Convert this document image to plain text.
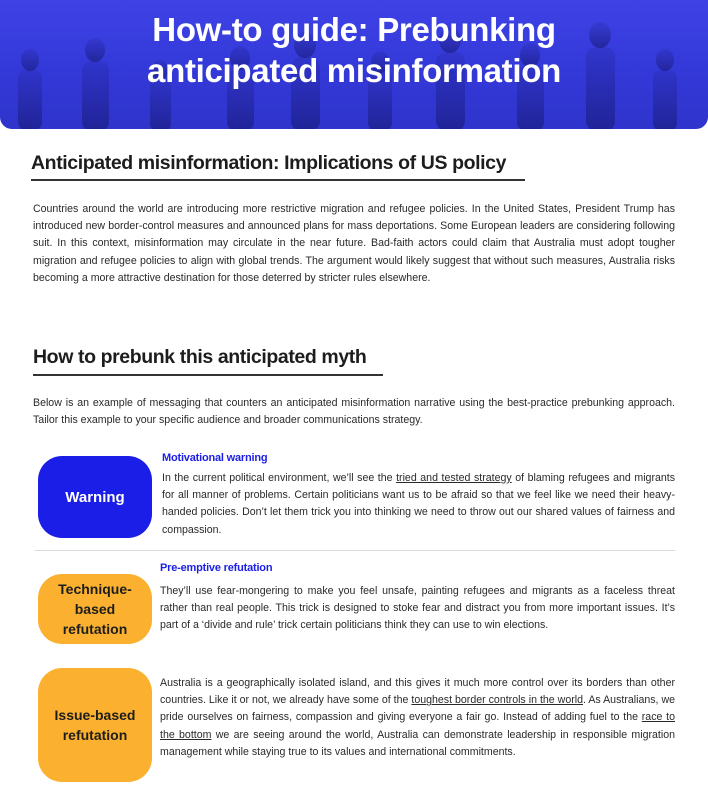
How-to guide: Prebunking
anticipated misinformation
Anticipated misinformation: Implications of US policy
Countries around the world are introducing more restrictive migration and refugee policies. In the United States, President Trump has introduced new border-control measures and announced plans for mass deportations. Some European leaders are considering following suit. In this context, misinformation may circulate in the near future. Bad-faith actors could claim that Australia must adopt tougher migration and refugee policies to align with global trends. The argument would likely suggest that without such measures, Australia risks becoming a more attractive destination for those deterred by stricter rules elsewhere.
How to prebunk this anticipated myth
Below is an example of messaging that counters an anticipated misinformation narrative using the best-practice prebunking approach. Tailor this example to your specific audience and broader communications strategy.
Warning
Motivational warning
In the current political environment, we’ll see the tried and tested strategy of blaming refugees and migrants for all manner of problems. Certain politicians want us to be afraid so that we feel like we need their heavy-handed policies. Don’t let them trick you into thinking we need to throw out our shared values of fairness and compassion.
Technique-
based
refutation
Pre-emptive refutation
They’ll use fear-mongering to make you feel unsafe, painting refugees and migrants as a faceless threat rather than real people. This trick is designed to stoke fear and distract you from more important issues. It’s part of a ‘divide and rule’ trick certain politicians think they can use to win elections.
Issue-based
refutation
Australia is a geographically isolated island, and this gives it much more control over its borders than other countries. Like it or not, we already have some of the toughest border controls in the world. As Australians, we pride ourselves on fairness, compassion and giving everyone a fair go. Instead of adding fuel to the race to the bottom we are seeing around the world, Australia can demonstrate leadership in responsible migration management while staying true to its values and international commitments.
